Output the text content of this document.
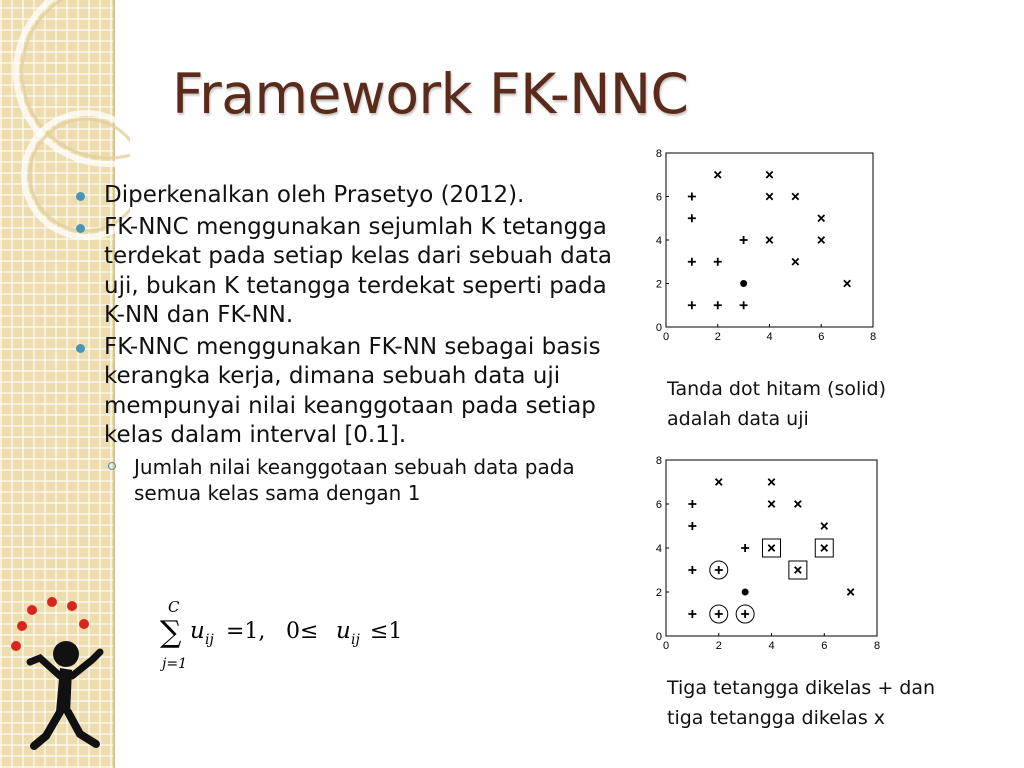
Framework FK-NNC
Diperkenalkan oleh Prasetyo (2012).
FK-NNC menggunakan sejumlah K tetangga terdekat pada setiap kelas dari sebuah data uji, bukan K tetangga terdekat seperti pada K-NN dan FK-NN.
FK-NNC menggunakan FK-NN sebagai basis kerangka kerja, dimana sebuah data uji mempunyai nilai keanggotaan pada setiap kelas dalam interval [0.1].
Jumlah nilai keanggotaan sebuah data pada semua kelas sama dengan 1
C
∑
j=1
u ij =1, 0≤ u ij ≤1
0	2	4	6	8
0
2
4
6
8
Tanda dot hitam (solid)
adalah data uji
0	2	4	6	8
0
2
4
6
8
Tiga tetangga dikelas + dan
tiga tetangga dikelas x
